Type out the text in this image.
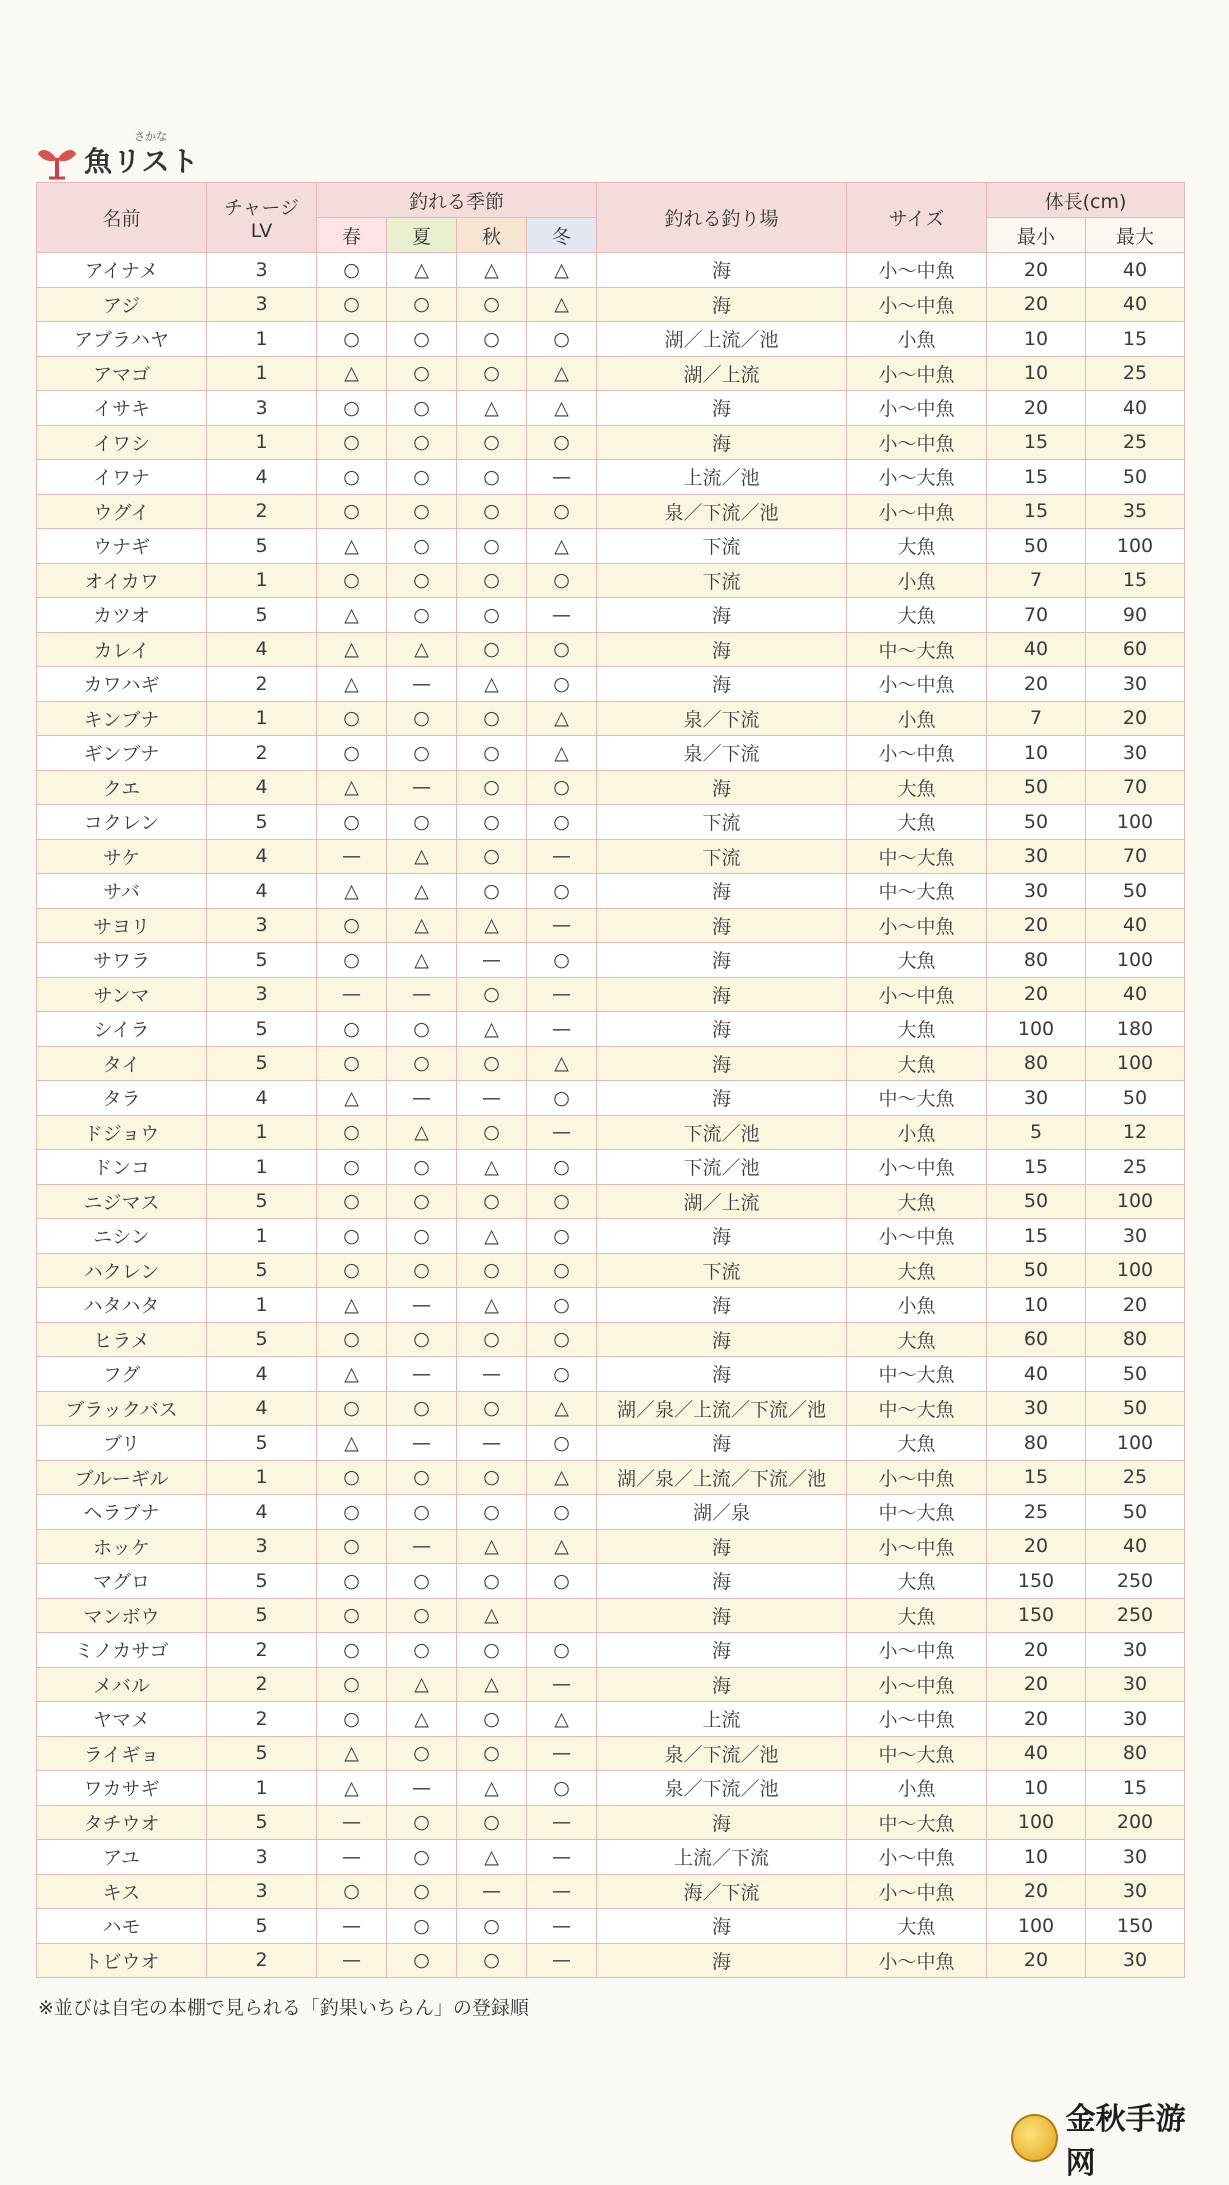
さかな
魚リスト
名前	チャージ
LV	釣れる季節				釣れる釣り場	サイズ	体長(cm)	
		春	夏	秋	冬			最小	最大
アイナメ	3	○	△	△	△	海	小～中魚	20	40
アジ	3	○	○	○	△	海	小～中魚	20	40
アブラハヤ	1	○	○	○	○	湖／上流／池	小魚	10	15
アマゴ	1	△	○	○	△	湖／上流	小～中魚	10	25
イサキ	3	○	○	△	△	海	小～中魚	20	40
イワシ	1	○	○	○	○	海	小～中魚	15	25
イワナ	4	○	○	○	—	上流／池	小～大魚	15	50
ウグイ	2	○	○	○	○	泉／下流／池	小～中魚	15	35
ウナギ	5	△	○	○	△	下流	大魚	50	100
オイカワ	1	○	○	○	○	下流	小魚	7	15
カツオ	5	△	○	○	—	海	大魚	70	90
カレイ	4	△	△	○	○	海	中～大魚	40	60
カワハギ	2	△	—	△	○	海	小～中魚	20	30
キンブナ	1	○	○	○	△	泉／下流	小魚	7	20
ギンブナ	2	○	○	○	△	泉／下流	小～中魚	10	30
クエ	4	△	—	○	○	海	大魚	50	70
コクレン	5	○	○	○	○	下流	大魚	50	100
サケ	4	—	△	○	—	下流	中～大魚	30	70
サバ	4	△	△	○	○	海	中～大魚	30	50
サヨリ	3	○	△	△	—	海	小～中魚	20	40
サワラ	5	○	△	—	○	海	大魚	80	100
サンマ	3	—	—	○	—	海	小～中魚	20	40
シイラ	5	○	○	△	—	海	大魚	100	180
タイ	5	○	○	○	△	海	大魚	80	100
タラ	4	△	—	—	○	海	中～大魚	30	50
ドジョウ	1	○	△	○	—	下流／池	小魚	5	12
ドンコ	1	○	○	△	○	下流／池	小～中魚	15	25
ニジマス	5	○	○	○	○	湖／上流	大魚	50	100
ニシン	1	○	○	△	○	海	小～中魚	15	30
ハクレン	5	○	○	○	○	下流	大魚	50	100
ハタハタ	1	△	—	△	○	海	小魚	10	20
ヒラメ	5	○	○	○	○	海	大魚	60	80
フグ	4	△	—	—	○	海	中～大魚	40	50
ブラックバス	4	○	○	○	△	湖／泉／上流／下流／池	中～大魚	30	50
ブリ	5	△	—	—	○	海	大魚	80	100
ブルーギル	1	○	○	○	△	湖／泉／上流／下流／池	小～中魚	15	25
ヘラブナ	4	○	○	○	○	湖／泉	中～大魚	25	50
ホッケ	3	○	—	△	△	海	小～中魚	20	40
マグロ	5	○	○	○	○	海	大魚	150	250
マンボウ	5	○	○	△		海	大魚	150	250
ミノカサゴ	2	○	○	○	○	海	小～中魚	20	30
メバル	2	○	△	△	—	海	小～中魚	20	30
ヤマメ	2	○	△	○	△	上流	小～中魚	20	30
ライギョ	5	△	○	○	—	泉／下流／池	中～大魚	40	80
ワカサギ	1	△	—	△	○	泉／下流／池	小魚	10	15
タチウオ	5	—	○	○	—	海	中～大魚	100	200
アユ	3	—	○	△	—	上流／下流	小～中魚	10	30
キス	3	○	○	—	—	海／下流	小～中魚	20	30
ハモ	5	—	○	○	—	海	大魚	100	150
トビウオ	2	—	○	○	—	海	小～中魚	20	30
※並びは自宅の本棚で見られる「釣果いちらん」の登録順
金秋手游网
